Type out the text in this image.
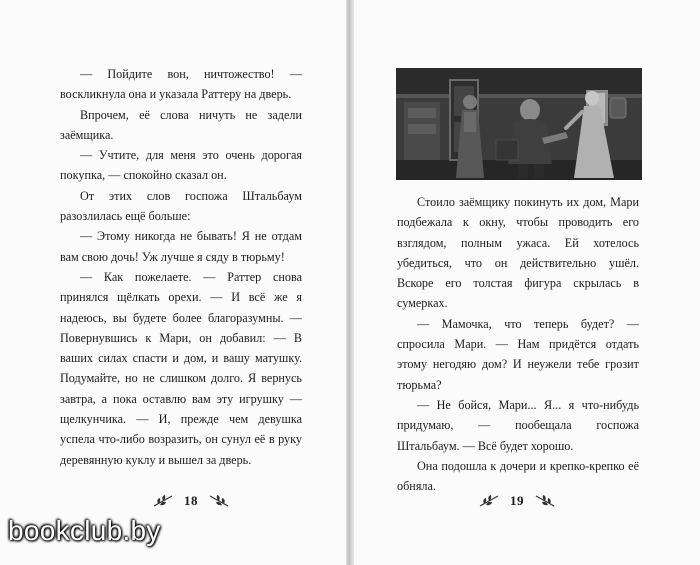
— Пойдите вон, ничтожество! — воскликнула она и указала Раттеру на дверь.

Впрочем, её слова ничуть не задели заёмщика.

— Учтите, для меня это очень дорогая покупка, — спокойно сказал он.

От этих слов госпожа Штальбаум разозлилась ещё больше:

— Этому никогда не бывать! Я не отдам вам свою дочь! Уж лучше я сяду в тюрьму!

— Как пожелаете. — Раттер снова принялся щёлкать орехи. — И всё же я надеюсь, вы будете более благоразумны. — Повернувшись к Мари, он добавил: — В ваших силах спасти и дом, и вашу матушку. Подумайте, но не слишком долго. Я вернусь завтра, а пока оставлю вам эту игрушку — щелкунчика. — И, прежде чем девушка успела что-либо возразить, он сунул её в руку деревянную куклу и вышел за дверь.

Стоило заёмщику покинуть их дом, Мари подбежала к окну, чтобы проводить его взглядом, полным ужаса. Ей хотелось убедиться, что он действительно ушёл. Вскоре его толстая фигура скрылась в сумерках.

— Мамочка, что теперь будет? — спросила Мари. — Нам придётся отдать этому негодяю дом? И неужели тебе грозит тюрьма?

— Не бойся, Мари... Я... я что-нибудь придумаю, — пообещала госпожа Штальбаум. — Всё будет хорошо.

Она подошла к дочери и крепко-крепко её обняла.

18	19
bookclub.by
